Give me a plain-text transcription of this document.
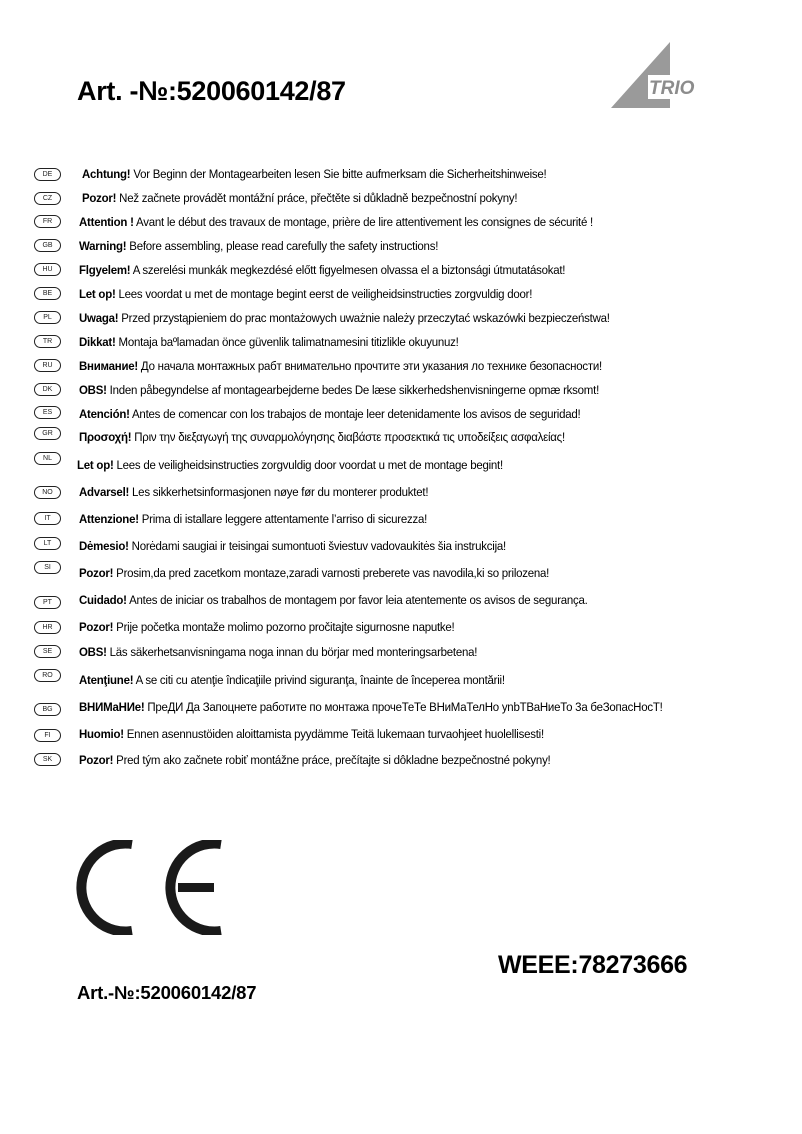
Art. -№:520060142/87	TRIO
DE	Achtung! Vor Beginn der Montagearbeiten lesen Sie bitte aufmerksam die Sicherheitshinweise!
CZ	Pozor! Než začnete provádět montážní práce, přečtěte si důkladně bezpečnostní pokyny!
FR	Attention ! Avant le début des travaux de montage, prière de lire attentivement les consignes de sécurité !
GB	Warning! Before assembling, please read carefully the safety instructions!
HU	Flgyelem! A szerelési munkák megkezdésé előtt figyelmesen olvassa el a biztonsági útmutatásokat!
BE	Let op! Lees voordat u met de montage begint eerst de veiligheidsinstructies zorgvuldig door!
PL	Uwaga! Przed przystąpieniem do prac montażowych uważnie należy przeczytać wskazówki bezpieczeństwa!
TR	Dikkat! Montaja baºlamadan önce güvenlik talimatnamesini titizlikle okuyunuz!
RU	Внимание! До начала монтажных рабт внимательно прочтите эти указания ло технике безопасности!
DK	OBS! Inden påbegyndelse af montagearbejderne bedes De læse sikkerhedshenvisningerne opmæ rksomt!
ES	Atención! Antes de comencar con los trabajos de montaje leer detenidamente los avisos de seguridad!
GR	Προσοχή! Πριν την διεξαγωγή της συναρμολόγησης διαβάστε προσεκτικά τις υποδείξεις ασφαλείας!
NL	Let op! Lees de veiligheidsinstructies zorgvuldig door voordat u met de montage begint!
NO	Advarsel! Les sikkerhetsinformasjonen nøye før du monterer produktet!
IT	Attenzione! Prima di istallare leggere attentamente l’arriso di sicurezza!
LT	Dėmesio! Norėdami saugiai ir teisingai sumontuoti šviestuv vadovaukitės šia instrukcija!
SI	Pozor! Prosim,da pred zacetkom montaze,zaradi varnosti preberete vas navodila,ki so prilozena!
PT	Cuidado! Antes de iniciar os trabalhos de montagem por favor leia atentemente os avisos de segurança.
HR	Pozor! Prije početka montaže molimo pozorno pročitajte sigurnosne naputke!
SE	OBS! Läs säkerhetsanvisningama noga innan du börjar med monteringsarbetena!
RO	Atenţiune! A se citi cu atenţie îndicaţiile privind siguranţa, înainte de începerea montării!
BG	ВНИМаНИе! ПреДИ Да Запоцнете работите по монтажа прочеТеТе ВНиМаТелНо ynbТВаНиеТо 3а беЗопасНосТ!
FI	Huomio! Ennen asennustöiden aloittamista pyydämme Teitä lukemaan turvaohjeet huolellisesti!
SK	Pozor! Pred tým ako začnete robiť montážne práce, prečítajte si dôkladne bezpečnostné pokyny!
WEEE:78273666
Art.-№:520060142/87
